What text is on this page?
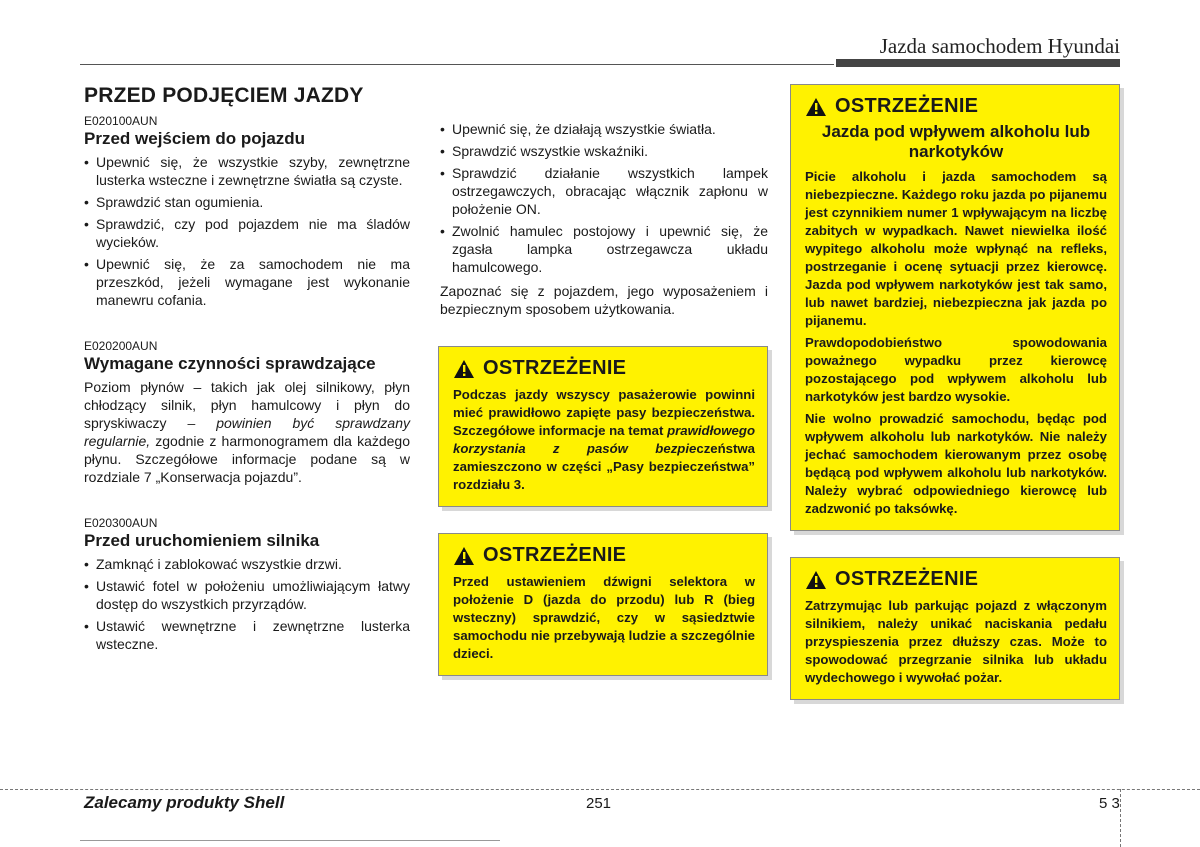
Jazda samochodem Hyundai
PRZED PODJĘCIEM JAZDY
E020100AUN
Przed wejściem do pojazdu
• Upewnić się, że wszystkie szyby, zewnętrzne lusterka wsteczne i zewnętrzne światła są czyste.
• Sprawdzić stan ogumienia.
• Sprawdzić, czy pod pojazdem nie ma śladów wycieków.
• Upewnić się, że za samochodem nie ma przeszkód, jeżeli wymagane jest wykonanie manewru cofania.
E020200AUN
Wymagane czynności sprawdzające

Poziom płynów – takich jak olej silnikowy, płyn chłodzący silnik, płyn hamulcowy i płyn do spryskiwaczy – powinien być sprawdzany regularnie, zgodnie z harmonogramem dla każdego płynu. Szczegółowe informacje podane są w rozdziale 7 „Konserwacja pojazdu”.

E020300AUN
Przed uruchomieniem silnika
• Zamknąć i zablokować wszystkie drzwi.
• Ustawić fotel w położeniu umożliwiającym łatwy dostęp do wszystkich przyrządów.
• Ustawić wewnętrzne i zewnętrzne lusterka wsteczne.
• Upewnić się, że działają wszystkie światła.
• Sprawdzić wszystkie wskaźniki.
• Sprawdzić działanie wszystkich lampek ostrzegawczych, obracając włącznik zapłonu w położenie ON.
• Zwolnić hamulec postojowy i upewnić się, że zgasła lampka ostrzegawcza układu hamulcowego.

Zapoznać się z pojazdem, jego wyposażeniem i bezpiecznym sposobem użytkowania.

OSTRZEŻENIE

Podczas jazdy wszyscy pasażerowie powinni mieć prawidłowo zapięte pasy bezpieczeństwa. Szczegółowe informacje na temat prawidłowego korzystania z pasów bezpieczeństwa zamieszczono w części „Pasy bezpieczeństwa” rozdziału 3.

OSTRZEŻENIE

Przed ustawieniem dźwigni selektora w położenie D (jazda do przodu) lub R (bieg wsteczny) sprawdzić, czy w sąsiedztwie samochodu nie przebywają ludzie a szczególnie dzieci.

OSTRZEŻENIE
Jazda pod wpływem alkoholu lub narkotyków

Picie alkoholu i jazda samochodem są niebezpieczne. Każdego roku jazda po pijanemu jest czynnikiem numer 1 wpływającym na liczbę zabitych w wypadkach. Nawet niewielka ilość wypitego alkoholu może wpłynąć na refleks, postrzeganie i ocenę sytuacji przez kierowcę. Jazda pod wpływem narkotyków jest tak samo, lub nawet bardziej, niebezpieczna jak jazda po pijanemu.

Prawdopodobieństwo spowodowania poważnego wypadku przez kierowcę pozostającego pod wpływem alkoholu lub narkotyków jest bardzo wysokie.

Nie wolno prowadzić samochodu, będąc pod wpływem alkoholu lub narkotyków. Nie należy jechać samochodem kierowanym przez osobę będącą pod wpływem alkoholu lub narkotyków. Należy wybrać odpowiedniego kierowcę lub zadzwonić po taksówkę.

OSTRZEŻENIE

Zatrzymując lub parkując pojazd z włączonym silnikiem, należy unikać naciskania pedału przyspieszenia przez dłuższy czas. Może to spowodować przegrzanie silnika lub układu wydechowego i wywołać pożar.

Zalecamy produkty Shell	251	5 3
